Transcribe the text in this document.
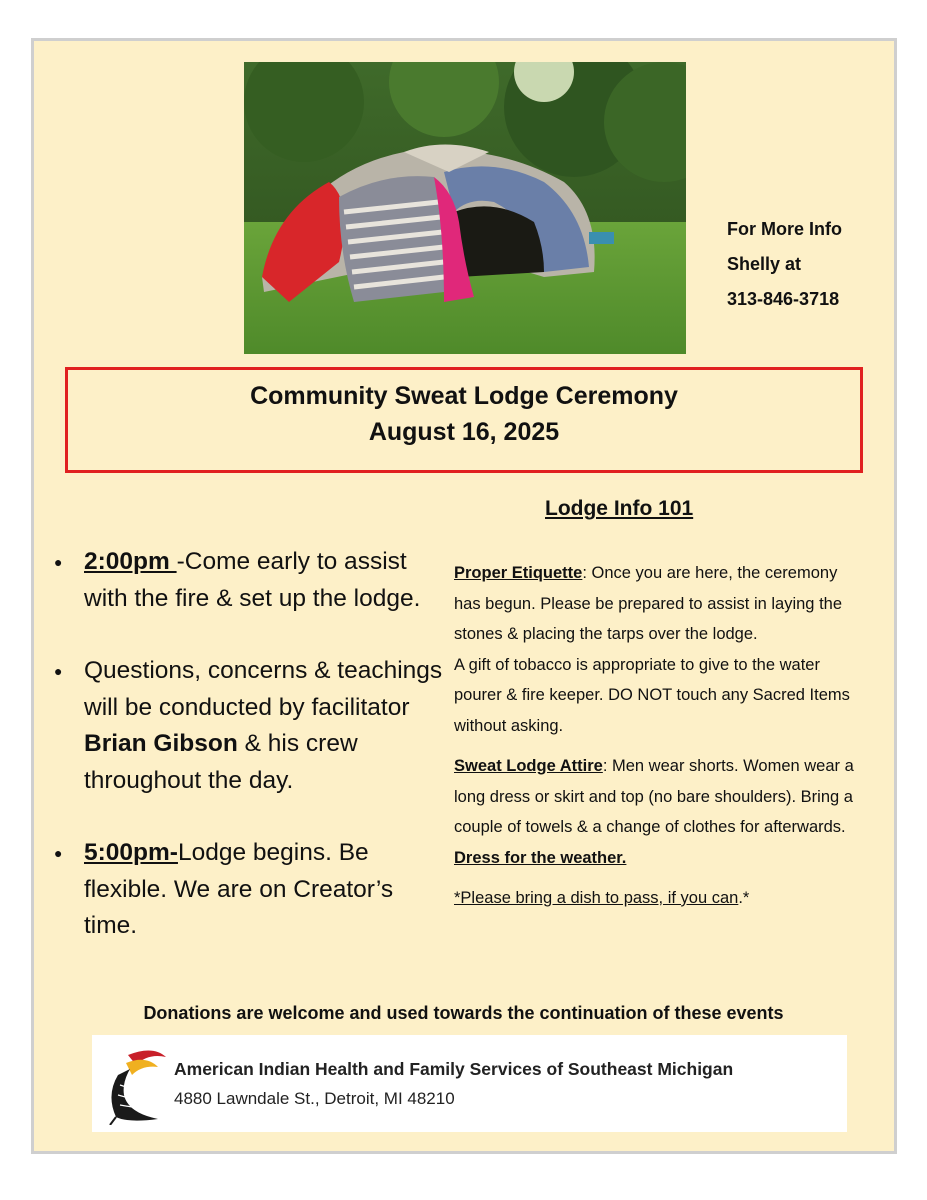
For More Info
Shelly at
313-846-3718
Community Sweat Lodge Ceremony
August 16, 2025
Lodge Info 101
● 2:00pm -Come early to assist with the fire & set up the lodge.
● Questions, concerns & teachings will be conducted by facilitator Brian Gibson & his crew throughout the day.
● 5:00pm-Lodge begins. Be flexible. We are on Creator’s time.

Proper Etiquette: Once you are here, the ceremony has begun. Please be prepared to assist in laying the stones & placing the tarps over the lodge.
A gift of tobacco is appropriate to give to the water pourer & fire keeper. DO NOT touch any Sacred Items without asking.

Sweat Lodge Attire: Men wear shorts. Women wear a long dress or skirt and top (no bare shoulders). Bring a couple of towels & a change of clothes for afterwards. Dress for the weather.

*Please bring a dish to pass, if you can.*

Donations are welcome and used towards the continuation of these events
American Indian Health and Family Services of Southeast Michigan
4880 Lawndale St., Detroit, MI 48210
